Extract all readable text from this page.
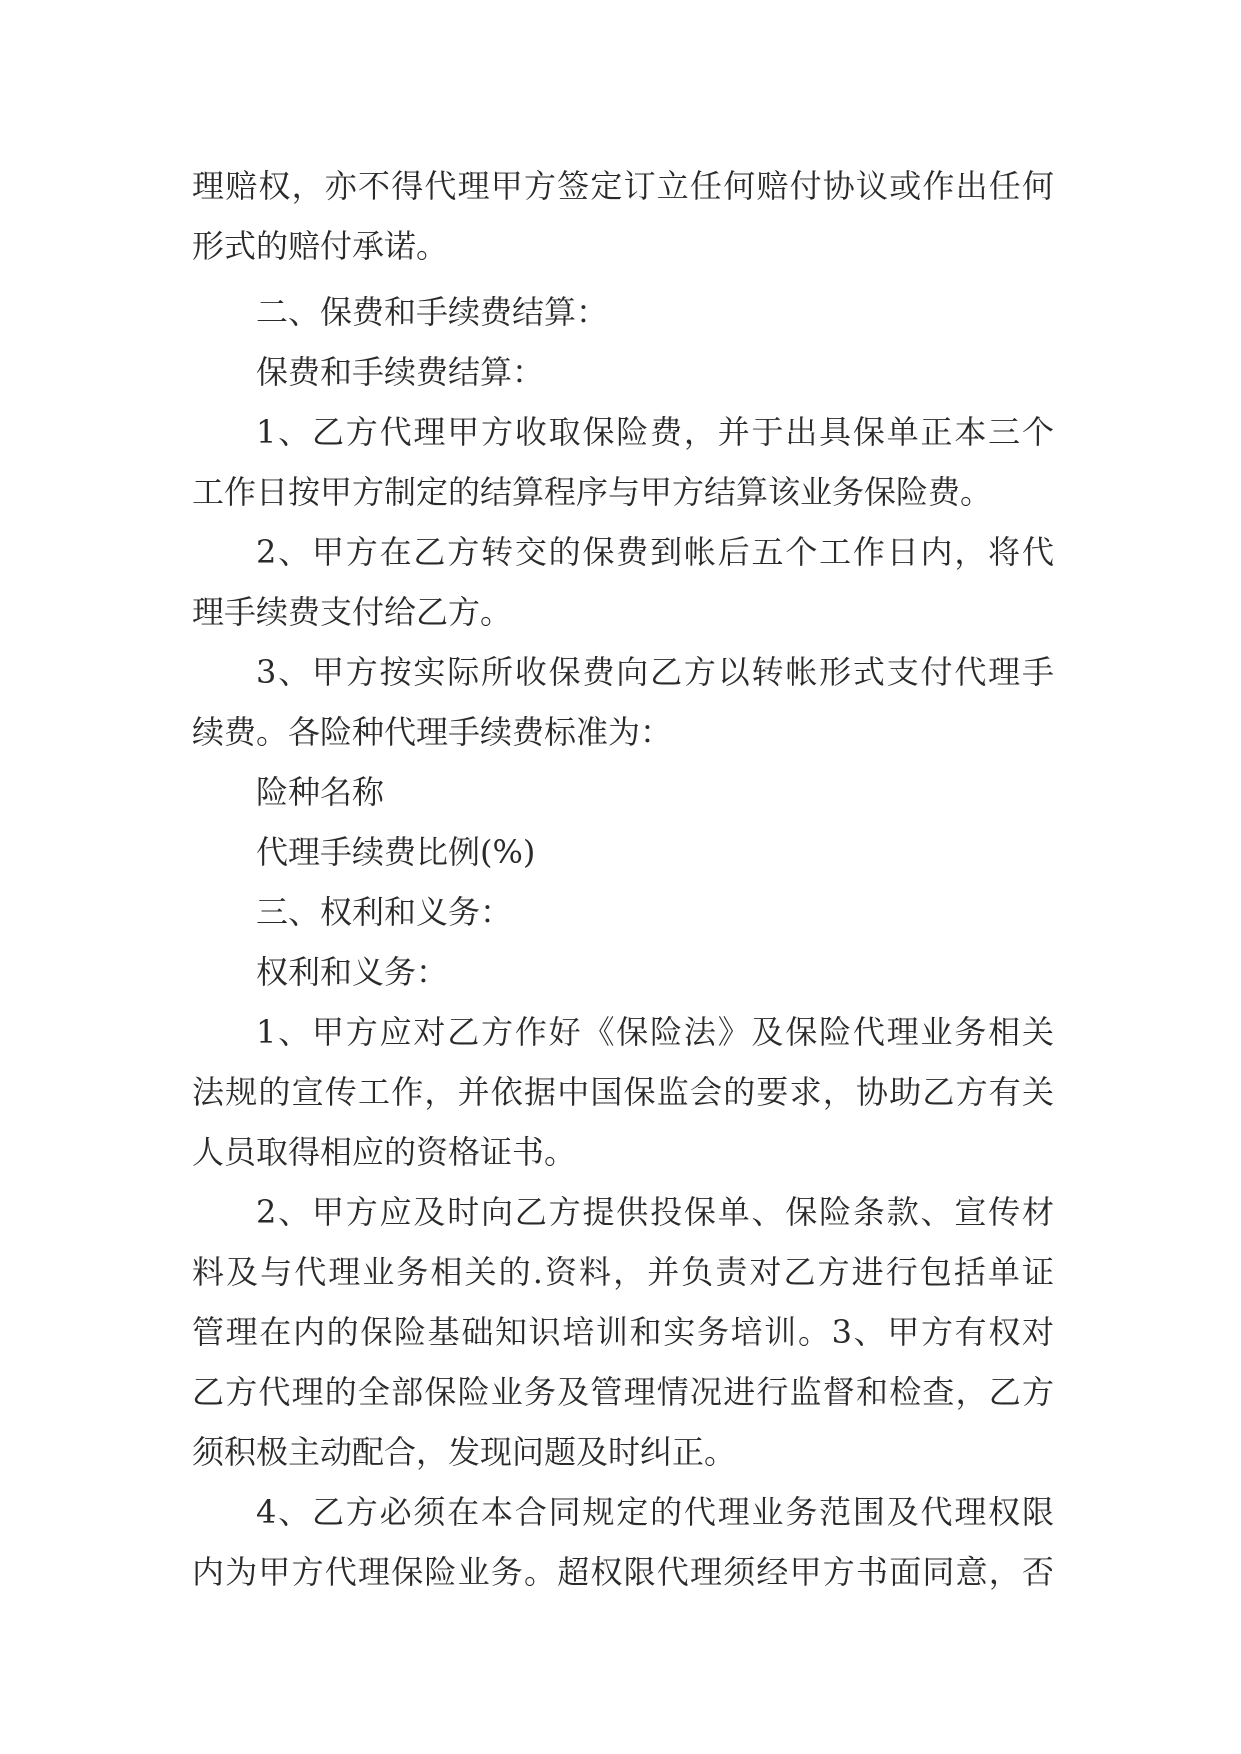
理赔权，亦不得代理甲方签定订立任何赔付协议或作出任何
形式的赔付承诺。
二、保费和手续费结算：
保费和手续费结算：
1、乙方代理甲方收取保险费，并于出具保单正本三个
工作日按甲方制定的结算程序与甲方结算该业务保险费。
2、甲方在乙方转交的保费到帐后五个工作日内，将代
理手续费支付给乙方。
3、甲方按实际所收保费向乙方以转帐形式支付代理手
续费。各险种代理手续费标准为：
险种名称
代理手续费比例(%)
三、权利和义务：
权利和义务：
1、甲方应对乙方作好《保险法》及保险代理业务相关
法规的宣传工作，并依据中国保监会的要求，协助乙方有关
人员取得相应的资格证书。
2、甲方应及时向乙方提供投保单、保险条款、宣传材
料及与代理业务相关的.资料，并负责对乙方进行包括单证
管理在内的保险基础知识培训和实务培训。3、甲方有权对
乙方代理的全部保险业务及管理情况进行监督和检查，乙方
须积极主动配合，发现问题及时纠正。
4、乙方必须在本合同规定的代理业务范围及代理权限
内为甲方代理保险业务。超权限代理须经甲方书面同意，否
